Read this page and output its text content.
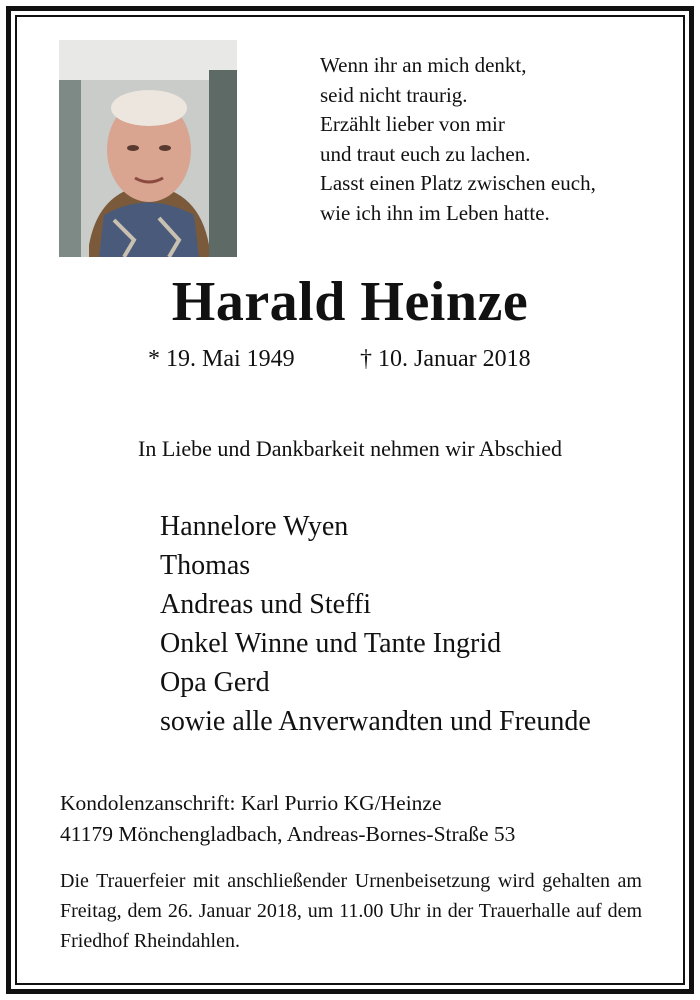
Wenn ihr an mich denkt,
seid nicht traurig.
Erzählt lieber von mir
und traut euch zu lachen.
Lasst einen Platz zwischen euch,
wie ich ihn im Leben hatte.
Harald Heinze
* 19. Mai 1949	† 10. Januar 2018
In Liebe und Dankbarkeit nehmen wir Abschied
Hannelore Wyen
Thomas
Andreas und Steffi
Onkel Winne und Tante Ingrid
Opa Gerd
sowie alle Anverwandten und Freunde
Kondolenzanschrift: Karl Purrio KG/Heinze
41179 Mönchengladbach, Andreas-Bornes-Straße 53
Die Trauerfeier mit anschließender Urnenbeisetzung wird gehalten am Freitag, dem 26. Januar 2018, um 11.00 Uhr in der Trauerhalle auf dem Friedhof Rheindahlen.
